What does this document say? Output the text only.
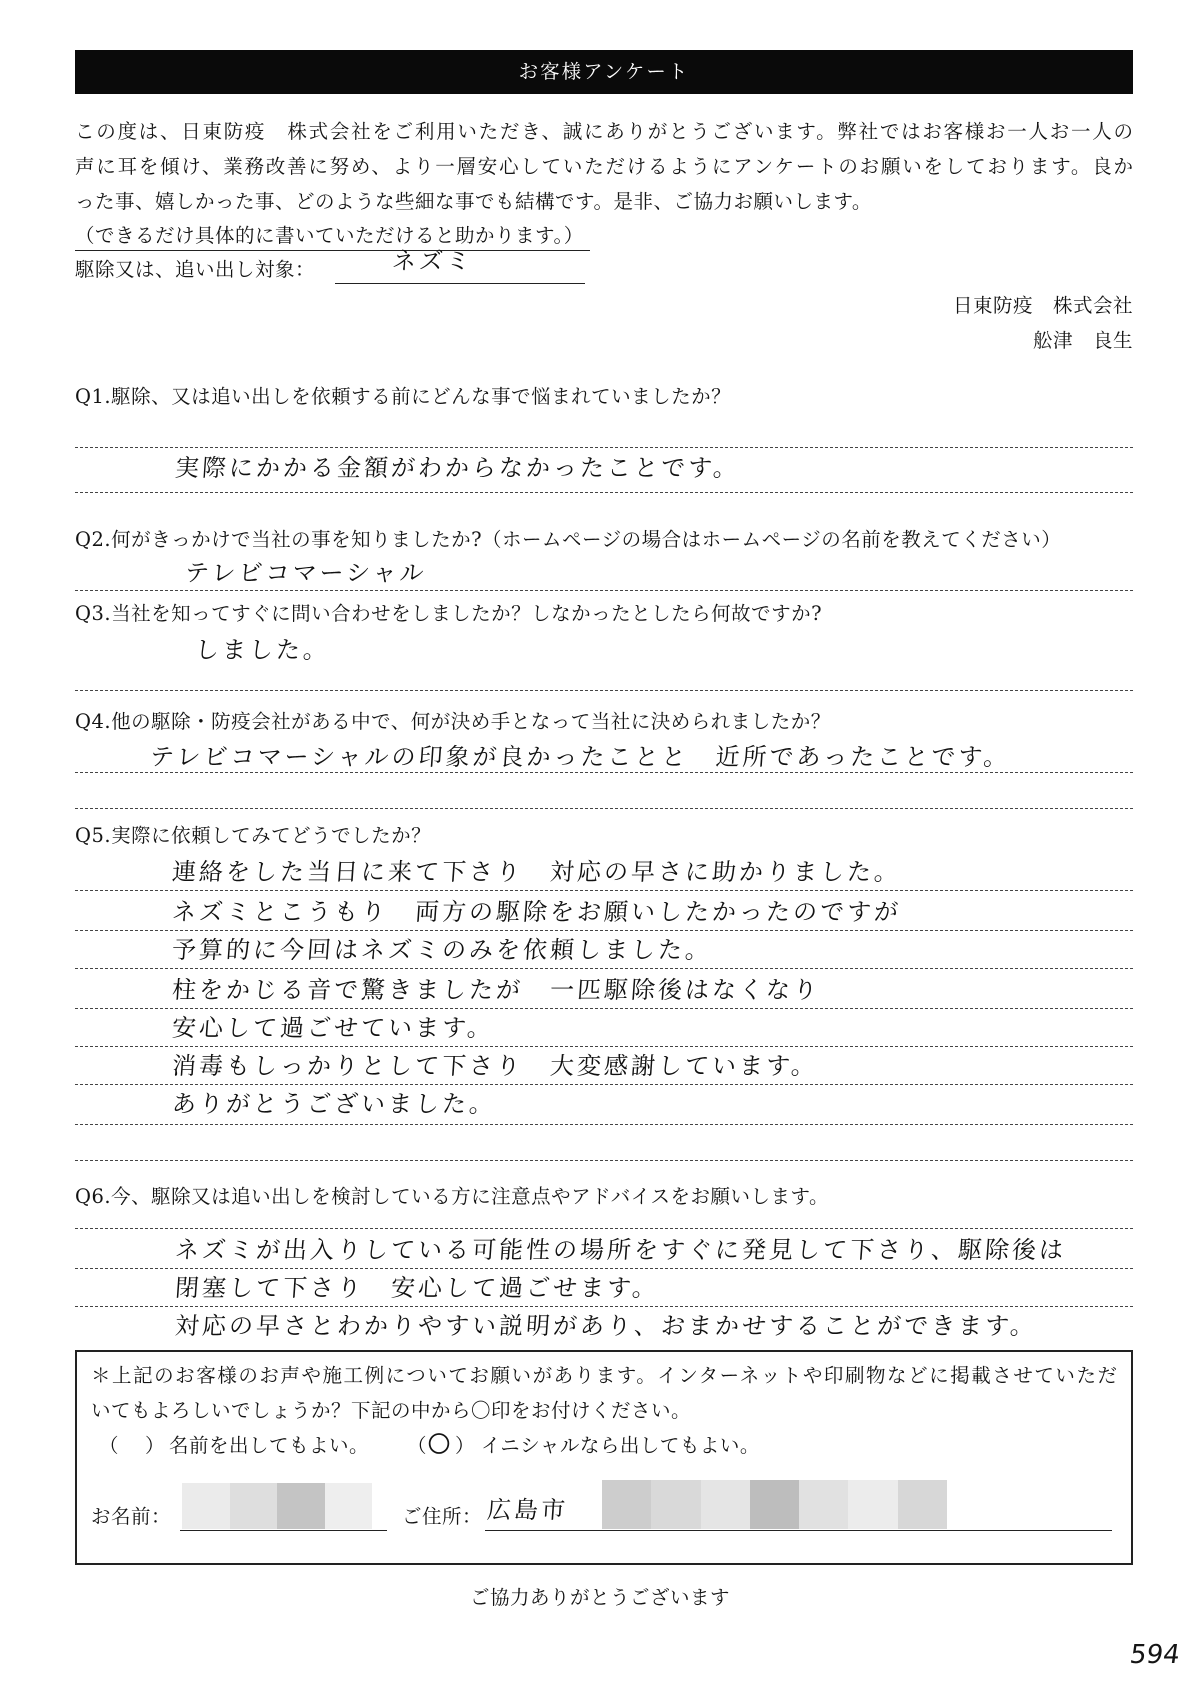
お客様アンケート
この度は、日東防疫　株式会社をご利用いただき、誠にありがとうございます。弊社ではお客様お一人お一人の
声に耳を傾け、業務改善に努め、より一層安心していただけるようにアンケートのお願いをしております。良か
った事、嬉しかった事、どのような些細な事でも結構です。是非、ご協力お願いします。
（できるだけ具体的に書いていただけると助かります。）
駆除又は、追い出し対象：	ネズミ
日東防疫　株式会社
舩津　良生
Q1.駆除、又は追い出しを依頼する前にどんな事で悩まれていましたか？
実際にかかる金額がわからなかったことです。
Q2.何がきっかけで当社の事を知りましたか?（ホームページの場合はホームページの名前を教えてください）
テレビコマーシャル
Q3.当社を知ってすぐに問い合わせをしましたか？しなかったとしたら何故ですか?
しました。
Q4.他の駆除・防疫会社がある中で、何が決め手となって当社に決められましたか？
テレビコマーシャルの印象が良かったことと　近所であったことです。
Q5.実際に依頼してみてどうでしたか？
連絡をした当日に来て下さり　対応の早さに助かりました。
ネズミとこうもり　両方の駆除をお願いしたかったのですが
予算的に今回はネズミのみを依頼しました。
柱をかじる音で驚きましたが　一匹駆除後はなくなり
安心して過ごせています。
消毒もしっかりとして下さり　大変感謝しています。
ありがとうございました。
Q6.今、駆除又は追い出しを検討している方に注意点やアドバイスをお願いします。
ネズミが出入りしている可能性の場所をすぐに発見して下さり、駆除後は
閉塞して下さり　安心して過ごせます。
対応の早さとわかりやすい説明があり、おまかせすることができます。
＊上記のお客様のお声や施工例についてお願いがあります。インターネットや印刷物などに掲載させていただ
いてもよろしいでしょうか？下記の中から〇印をお付けください。
（ ） 名前を出してもよい。 （ 〇 ） イニシャルなら出してもよい。
お名前：	ご住所： 広島市
ご協力ありがとうございます
594
